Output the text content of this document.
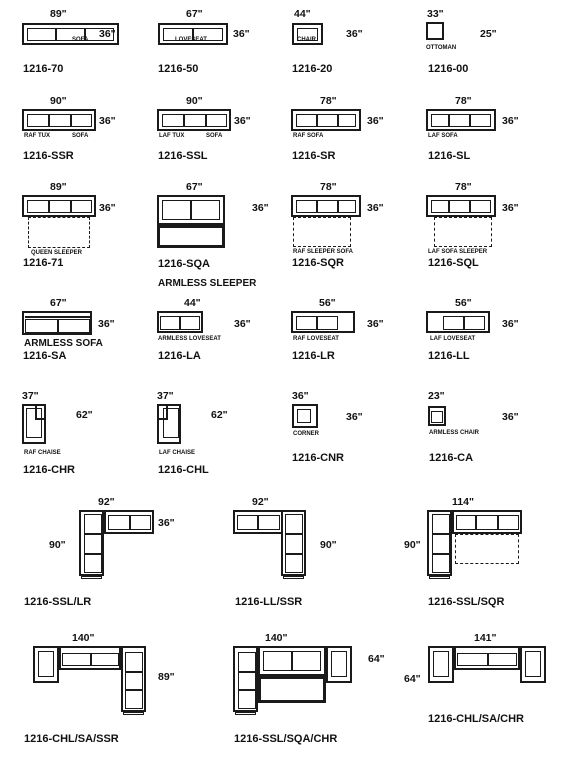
89"
SOFA 36"
1216-70
67"
LOVESEAT 36"
1216-50
44"
CHAIR	36"
1216-20
33"
OTTOMAN
25"
1216-00
90"
RAF TUX	SOFA
36"
1216-SSR
90"
LAF TUX	SOFA
36"
1216-SSL
78"
RAF SOFA
36"
1216-SR
78"
LAF SOFA
36"
1216-SL
89"
QUEEN SLEEPER
36"
1216-71
67"
36"
1216-SQA
ARMLESS SLEEPER
78"
RAF SLEEPER SOFA
36"
1216-SQR
78"
LAF SOFA SLEEPER
36"
1216-SQL
67"
36"
ARMLESS SOFA
1216-SA
44"
ARMLESS LOVESEAT
36"
1216-LA
56"
RAF LOVESEAT
36"
1216-LR
56"
LAF LOVESEAT
36"
1216-LL
37"
RAF CHAISE
62"
1216-CHR
37"
LAF CHAISE
62"
1216-CHL
36"
CORNER
36"
1216-CNR
23"
ARMLESS CHAIR
36"
1216-CA
92"
36"
90"
1216-SSL/LR
92"
90"
1216-LL/SSR
114"
90"
1216-SSL/SQR
140"
89"
1216-CHL/SA/SSR
140"
64"
1216-SSL/SQA/CHR
141"
64"
1216-CHL/SA/CHR
